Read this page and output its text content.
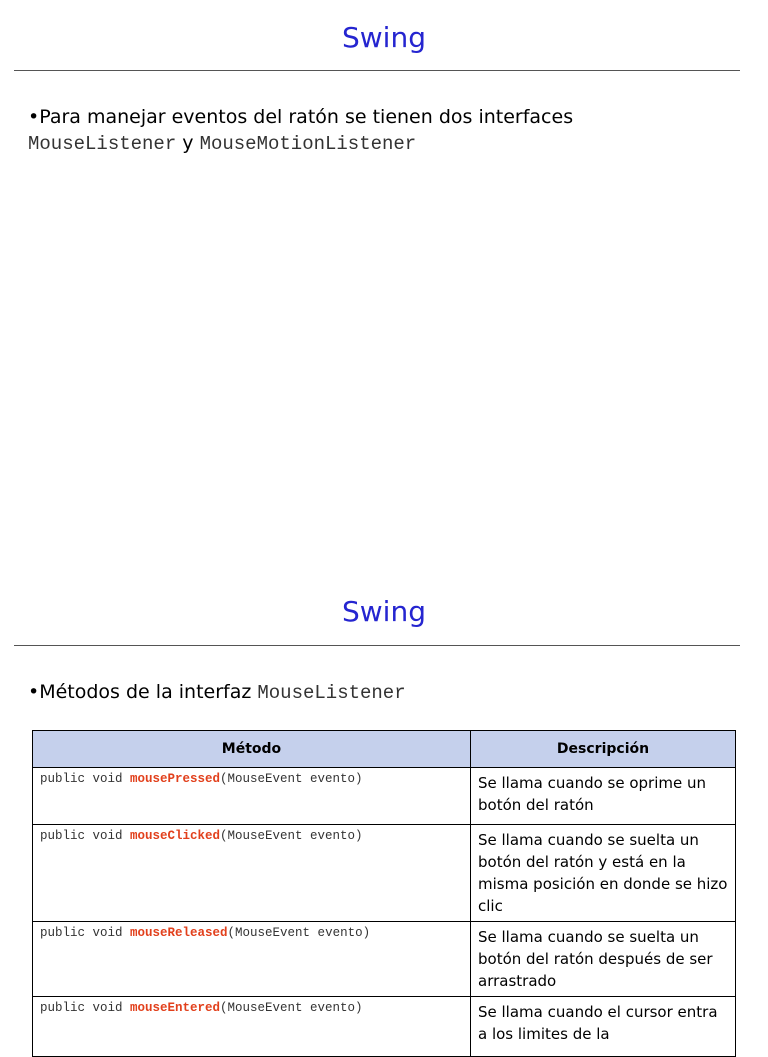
Swing
•Para manejar eventos del ratón se tienen dos interfaces
MouseListener y MouseMotionListener
Swing
•Métodos de la interfaz MouseListener
Método	Descripción
public void mousePressed(MouseEvent evento)	Se llama cuando se oprime un botón del ratón
public void mouseClicked(MouseEvent evento)	Se llama cuando se suelta un botón del ratón y está en la misma posición en donde se hizo clic
public void mouseReleased(MouseEvent evento)	Se llama cuando se suelta un botón del ratón después de ser arrastrado
public void mouseEntered(MouseEvent evento)	Se llama cuando el cursor entra a los limites de la
